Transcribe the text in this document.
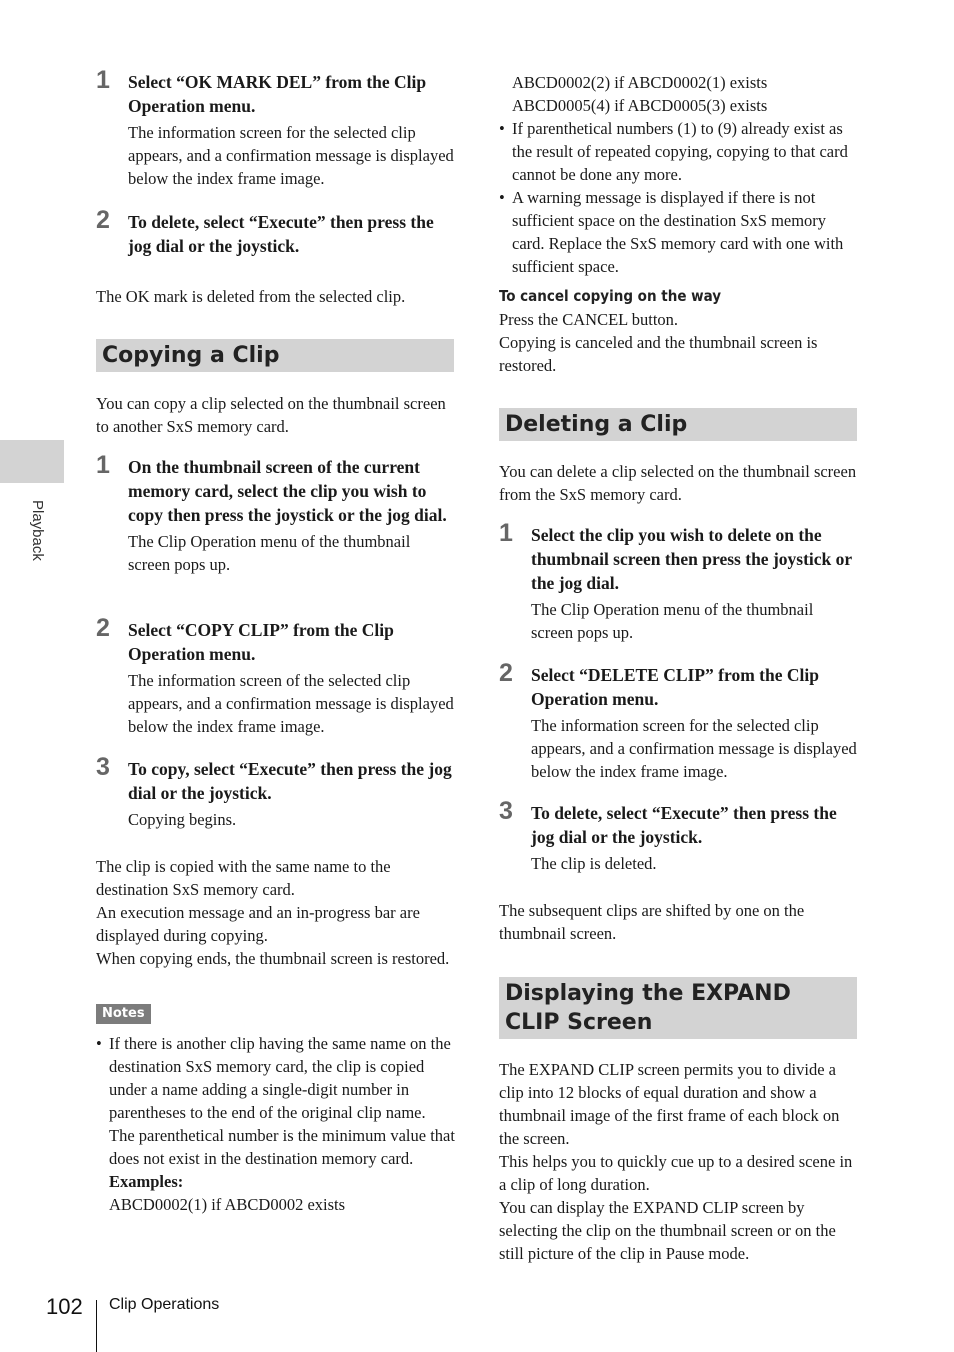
Playback
1 Select “OK MARK DEL” from the Clip Operation menu.
The information screen for the selected clip appears, and a confirmation message is displayed below the index frame image.
2 To delete, select “Execute” then press the jog dial or the joystick.

The OK mark is deleted from the selected clip.

Copying a Clip

You can copy a clip selected on the thumbnail screen to another SxS memory card.

1 On the thumbnail screen of the current memory card, select the clip you wish to copy then press the joystick or the jog dial.
The Clip Operation menu of the thumbnail screen pops up.
2 Select “COPY CLIP” from the Clip Operation menu.
The information screen of the selected clip appears, and a confirmation message is displayed below the index frame image.
3 To copy, select “Execute” then press the jog dial or the joystick.
Copying begins.

The clip is copied with the same name to the destination SxS memory card.

An execution message and an in-progress bar are displayed during copying.

When copying ends, the thumbnail screen is restored.

Notes
• If there is another clip having the same name on the destination SxS memory card, the clip is copied under a name adding a single-digit number in parentheses to the end of the original clip name.
The parenthetical number is the minimum value that does not exist in the destination memory card.
Examples:
ABCD0002(1) if ABCD0002 exists

ABCD0002(2) if ABCD0002(1) exists

ABCD0005(4) if ABCD0005(3) exists

• If parenthetical numbers (1) to (9) already exist as the result of repeated copying, copying to that card cannot be done any more.
• A warning message is displayed if there is not sufficient space on the destination SxS memory card. Replace the SxS memory card with one with sufficient space.
To cancel copying on the way

Press the CANCEL button.

Copying is canceled and the thumbnail screen is restored.

Deleting a Clip

You can delete a clip selected on the thumbnail screen from the SxS memory card.

1 Select the clip you wish to delete on the thumbnail screen then press the joystick or the jog dial.
The Clip Operation menu of the thumbnail screen pops up.
2 Select “DELETE CLIP” from the Clip Operation menu.
The information screen for the selected clip appears, and a confirmation message is displayed below the index frame image.
3 To delete, select “Execute” then press the jog dial or the joystick.
The clip is deleted.

The subsequent clips are shifted by one on the thumbnail screen.

Displaying the EXPAND CLIP Screen

The EXPAND CLIP screen permits you to divide a clip into 12 blocks of equal duration and show a thumbnail image of the first frame of each block on the screen.

This helps you to quickly cue up to a desired scene in a clip of long duration.

You can display the EXPAND CLIP screen by selecting the clip on the thumbnail screen or on the still picture of the clip in Pause mode.

102 Clip Operations
